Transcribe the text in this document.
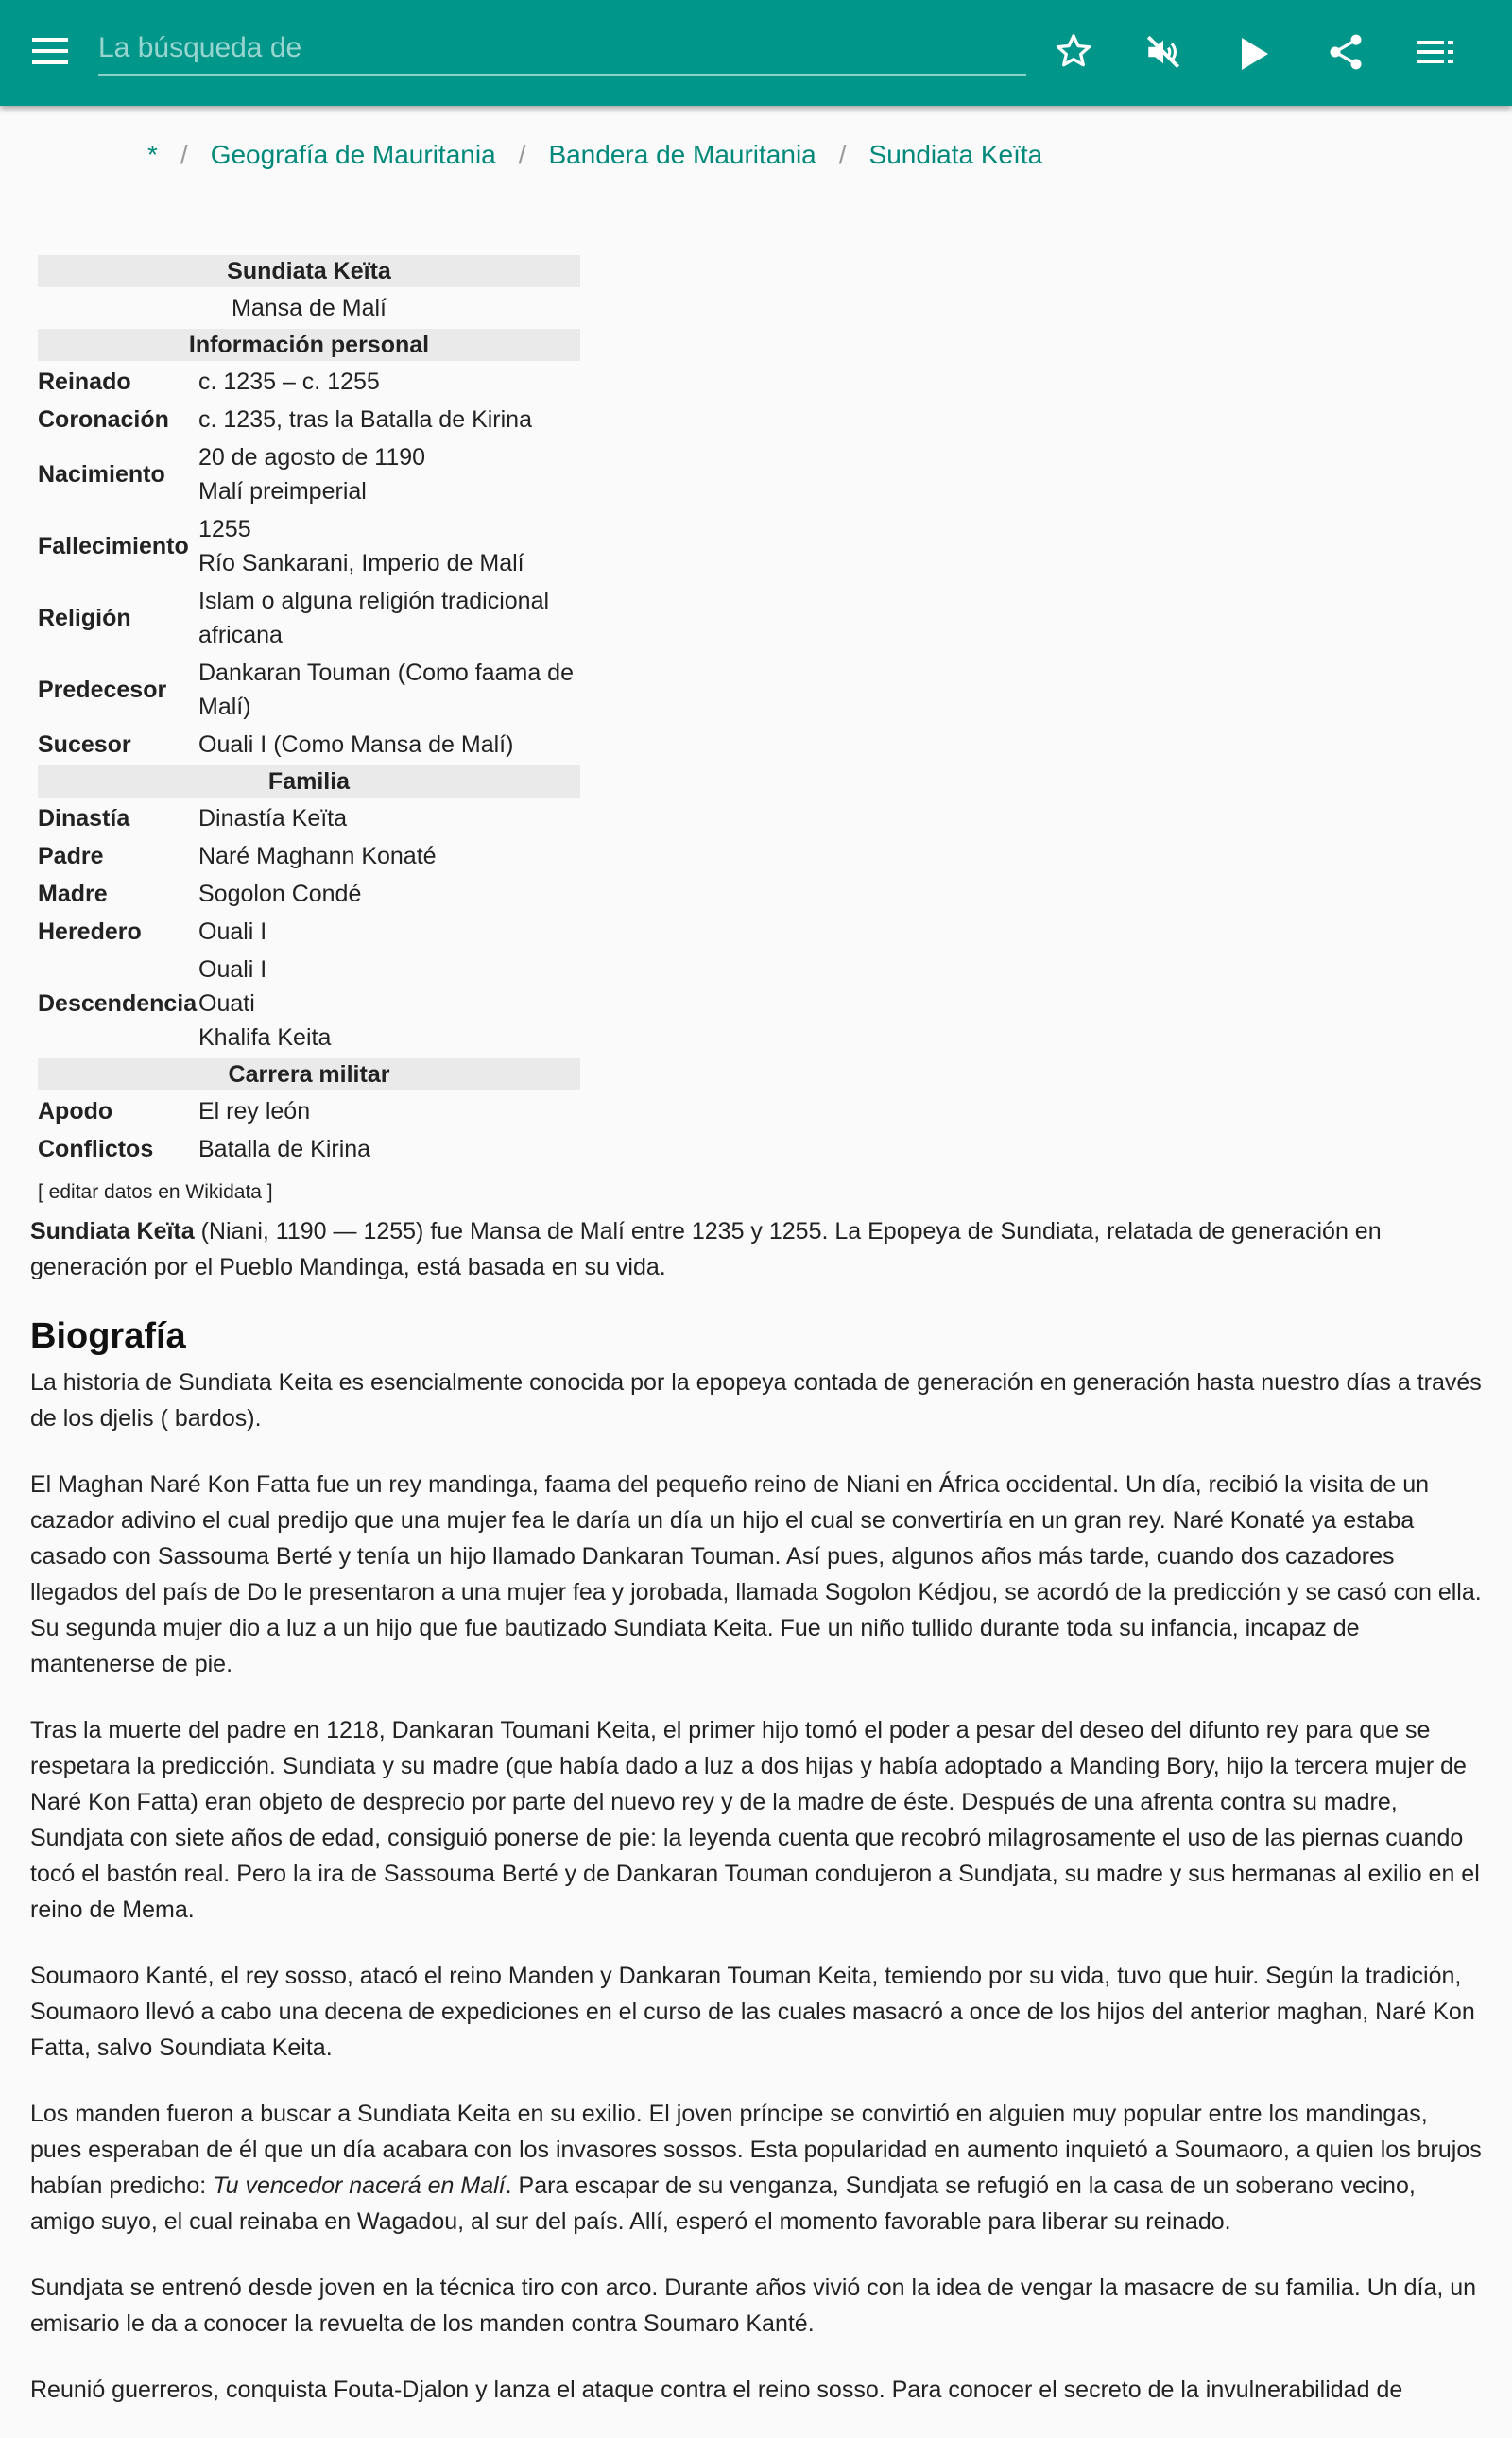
La búsqueda de
* / Geografía de Mauritania / Bandera de Mauritania / Sundiata Keïta
Sundiata Keïta	
Mansa de Malí	
Información personal	
Reinado	c. 1235 – c. 1255
Coronación	c. 1235, tras la Batalla de Kirina
Nacimiento	20 de agosto de 1190
Malí preimperial
Fallecimiento	1255
Río Sankarani, Imperio de Malí
Religión	Islam o alguna religión tradicional africana
Predecesor	Dankaran Touman (Como faama de Malí)
Sucesor	Ouali I (Como Mansa de Malí)
Familia	
Dinastía	Dinastía Keïta
Padre	Naré Maghann Konaté
Madre	Sogolon Condé
Heredero	Ouali I
Descendencia	Ouali I
Ouati
Khalifa Keita
Carrera militar	
Apodo	El rey león
Conflictos	Batalla de Kirina
[ editar datos en Wikidata ]

Sundiata Keïta (Niani, 1190 — 1255) fue Mansa de Malí entre 1235 y 1255. La Epopeya de Sundiata, relatada de generación en generación por el Pueblo Mandinga, está basada en su vida.

Biografía

La historia de Sundiata Keita es esencialmente conocida por la epopeya contada de generación en generación hasta nuestro días a través de los djelis ( bardos).

El Maghan Naré Kon Fatta fue un rey mandinga, faama del pequeño reino de Niani en África occidental. Un día, recibió la visita de un cazador adivino el cual predijo que una mujer fea le daría un día un hijo el cual se convertiría en un gran rey. Naré Konaté ya estaba casado con Sassouma Berté y tenía un hijo llamado Dankaran Touman. Así pues, algunos años más tarde, cuando dos cazadores llegados del país de Do le presentaron a una mujer fea y jorobada, llamada Sogolon Kédjou, se acordó de la predicción y se casó con ella. Su segunda mujer dio a luz a un hijo que fue bautizado Sundiata Keita. Fue un niño tullido durante toda su infancia, incapaz de mantenerse de pie.

Tras la muerte del padre en 1218, Dankaran Toumani Keita, el primer hijo tomó el poder a pesar del deseo del difunto rey para que se respetara la predicción. Sundiata y su madre (que había dado a luz a dos hijas y había adoptado a Manding Bory, hijo la tercera mujer de Naré Kon Fatta) eran objeto de desprecio por parte del nuevo rey y de la madre de éste. Después de una afrenta contra su madre, Sundjata con siete años de edad, consiguió ponerse de pie: la leyenda cuenta que recobró milagrosamente el uso de las piernas cuando tocó el bastón real. Pero la ira de Sassouma Berté y de Dankaran Touman condujeron a Sundjata, su madre y sus hermanas al exilio en el reino de Mema.

Soumaoro Kanté, el rey sosso, atacó el reino Manden y Dankaran Touman Keita, temiendo por su vida, tuvo que huir. Según la tradición, Soumaoro llevó a cabo una decena de expediciones en el curso de las cuales masacró a once de los hijos del anterior maghan, Naré Kon Fatta, salvo Soundiata Keita.

Los manden fueron a buscar a Sundiata Keita en su exilio. El joven príncipe se convirtió en alguien muy popular entre los mandingas, pues esperaban de él que un día acabara con los invasores sossos. Esta popularidad en aumento inquietó a Soumaoro, a quien los brujos habían predicho: Tu vencedor nacerá en Malí. Para escapar de su venganza, Sundjata se refugió en la casa de un soberano vecino, amigo suyo, el cual reinaba en Wagadou, al sur del país. Allí, esperó el momento favorable para liberar su reinado.

Sundjata se entrenó desde joven en la técnica tiro con arco. Durante años vivió con la idea de vengar la masacre de su familia. Un día, un emisario le da a conocer la revuelta de los manden contra Soumaro Kanté.

Reunió guerreros, conquista Fouta-Djalon y lanza el ataque contra el reino sosso. Para conocer el secreto de la invulnerabilidad de
